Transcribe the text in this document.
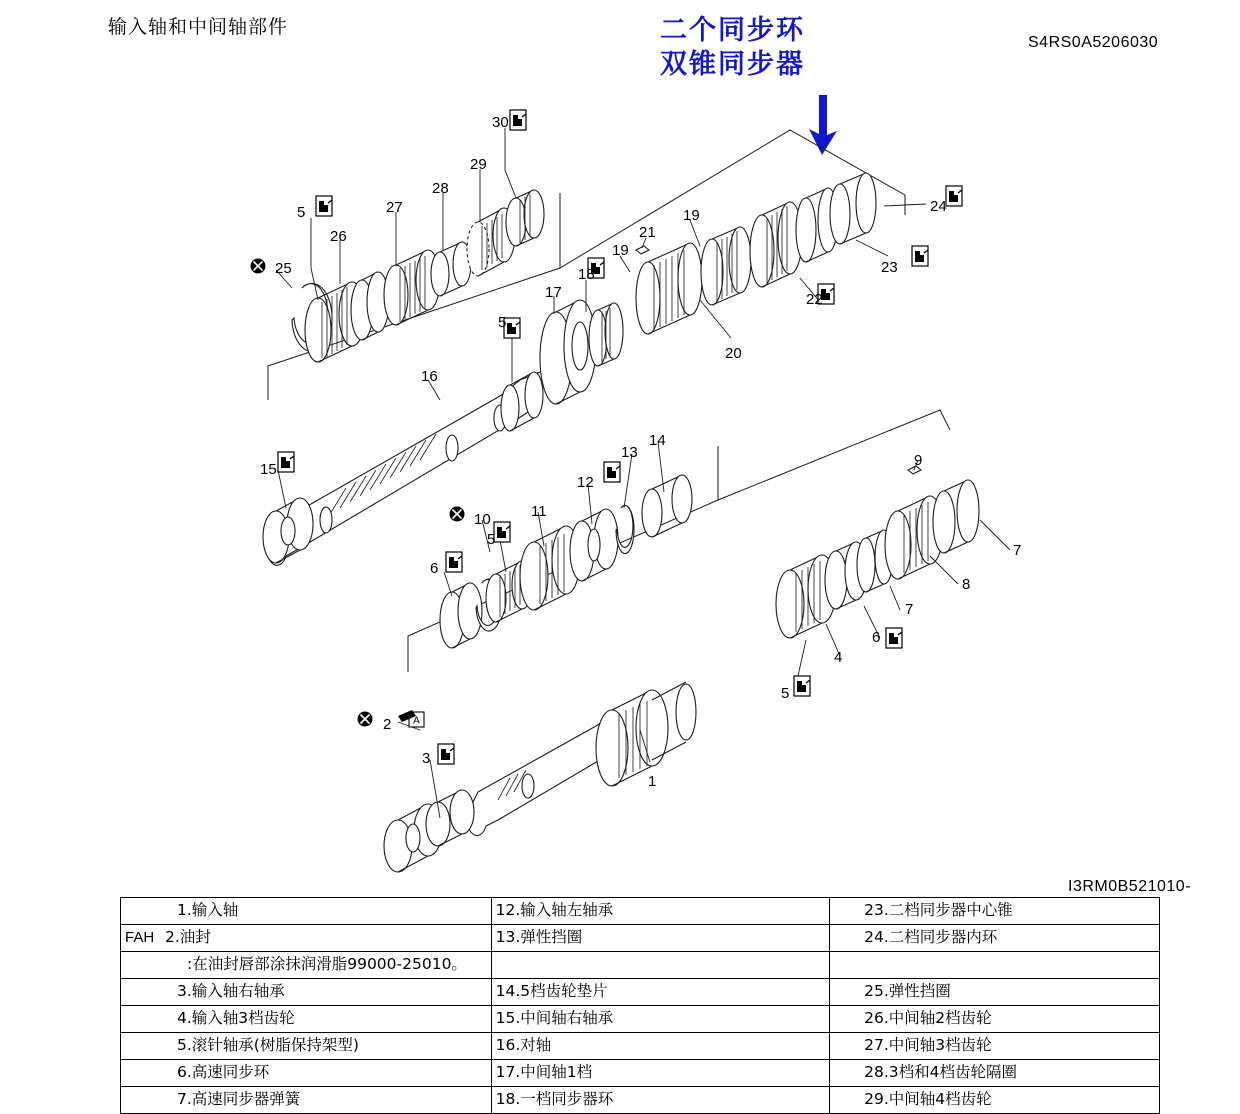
输入轴和中间轴部件
S4RS0A5206030
I3RM0B521010-
二个同步环
双锥同步器
A
30
29
28
27
26
25
5
21
19
19
18
17
5
24
23
22
20
16
15
14
13
12
11
10
5
6
9
7
8
7
6
4
5
2
3
1
1.输入轴	12.输入轴左轴承	23.二档同步器中心锥

FAH 2.油封	13.弹性挡圈	24.二档同步器内环

:在油封唇部涂抹润滑脂99000-25010。		

3.输入轴右轴承	14.5档齿轮垫片	25.弹性挡圈

4.输入轴3档齿轮	15.中间轴右轴承	26.中间轴2档齿轮

5.滚针轴承(树脂保持架型)	16.对轴	27.中间轴3档齿轮

6.高速同步环	17.中间轴1档	28.3档和4档齿轮隔圈

7.高速同步器弹簧	18.一档同步器环	29.中间轴4档齿轮
